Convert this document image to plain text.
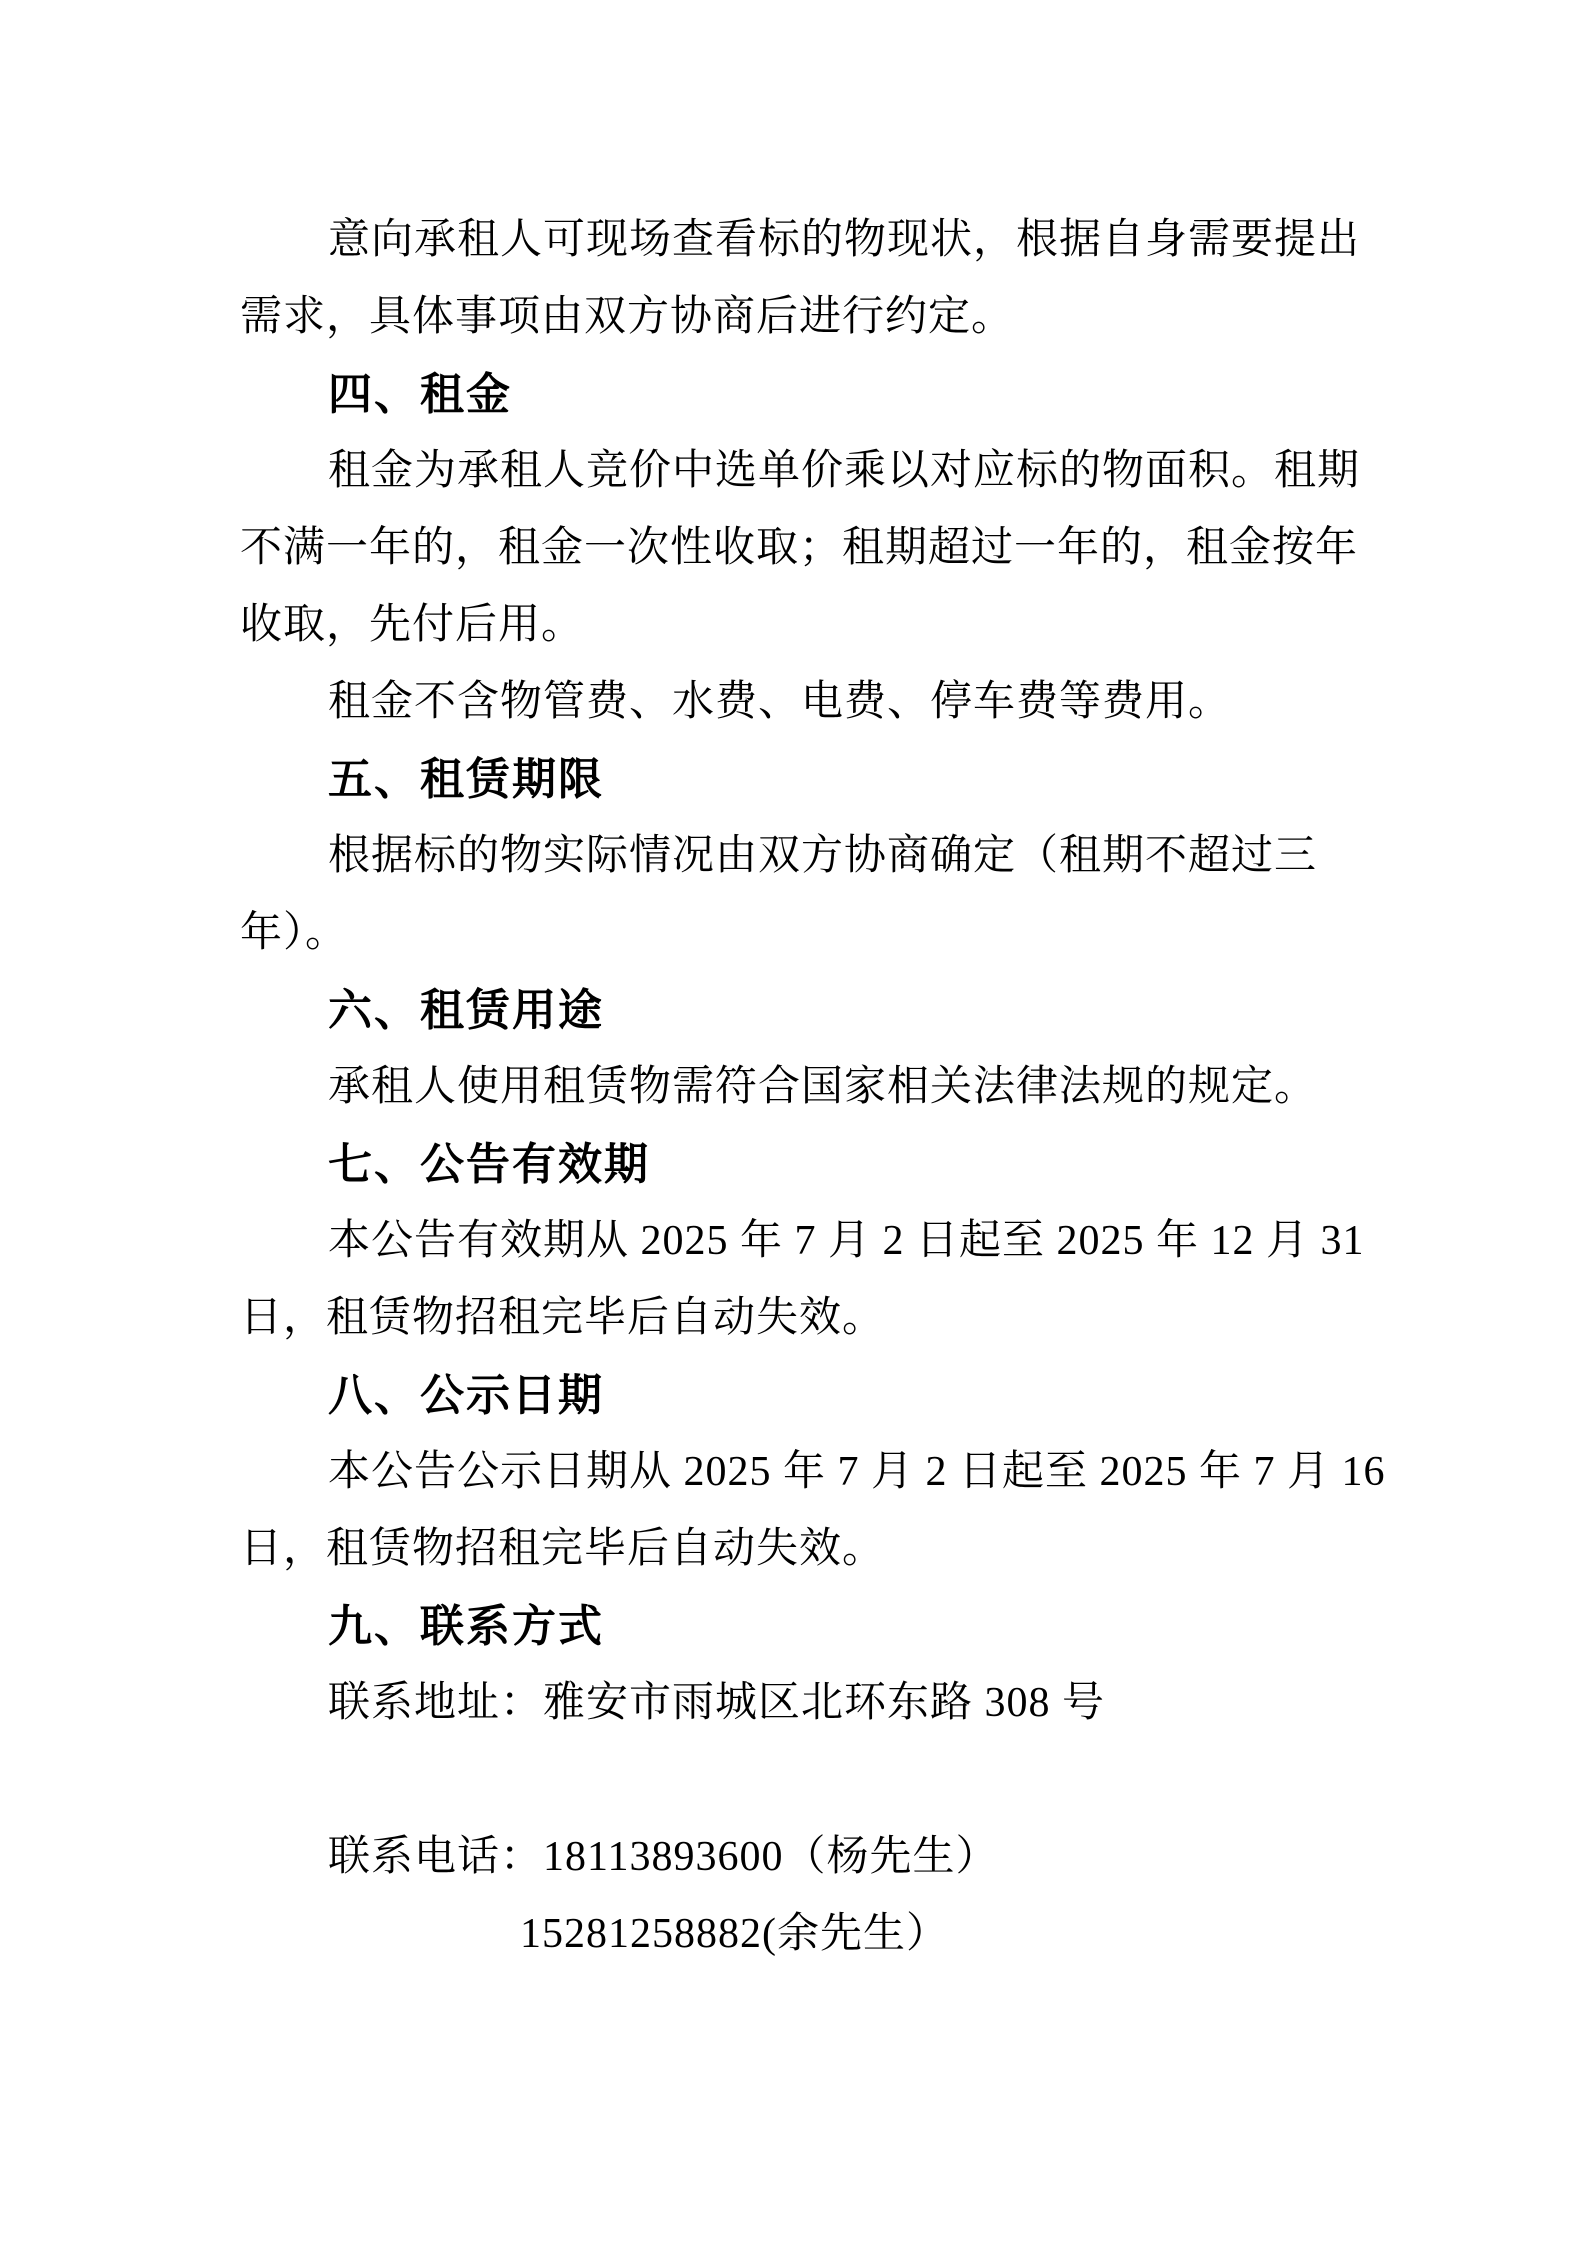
意向承租人可现场查看标的物现状，根据自身需要提出
需求，具体事项由双方协商后进行约定。
四、租金
租金为承租人竞价中选单价乘以对应标的物面积。租期
不满一年的，租金一次性收取；租期超过一年的，租金按年
收取，先付后用。
租金不含物管费、水费、电费、停车费等费用。
五、租赁期限
根据标的物实际情况由双方协商确定（租期不超过三
年）。
六、租赁用途
承租人使用租赁物需符合国家相关法律法规的规定。
七、公告有效期
本公告有效期从 2025 年 7 月 2 日起至 2025 年 12 月 31
日，租赁物招租完毕后自动失效。
八、公示日期
本公告公示日期从 2025 年 7 月 2 日起至 2025 年 7 月 16
日，租赁物招租完毕后自动失效。
九、联系方式
联系地址：雅安市雨城区北环东路 308 号
联系电话：18113893600（杨先生）
15281258882(余先生）
